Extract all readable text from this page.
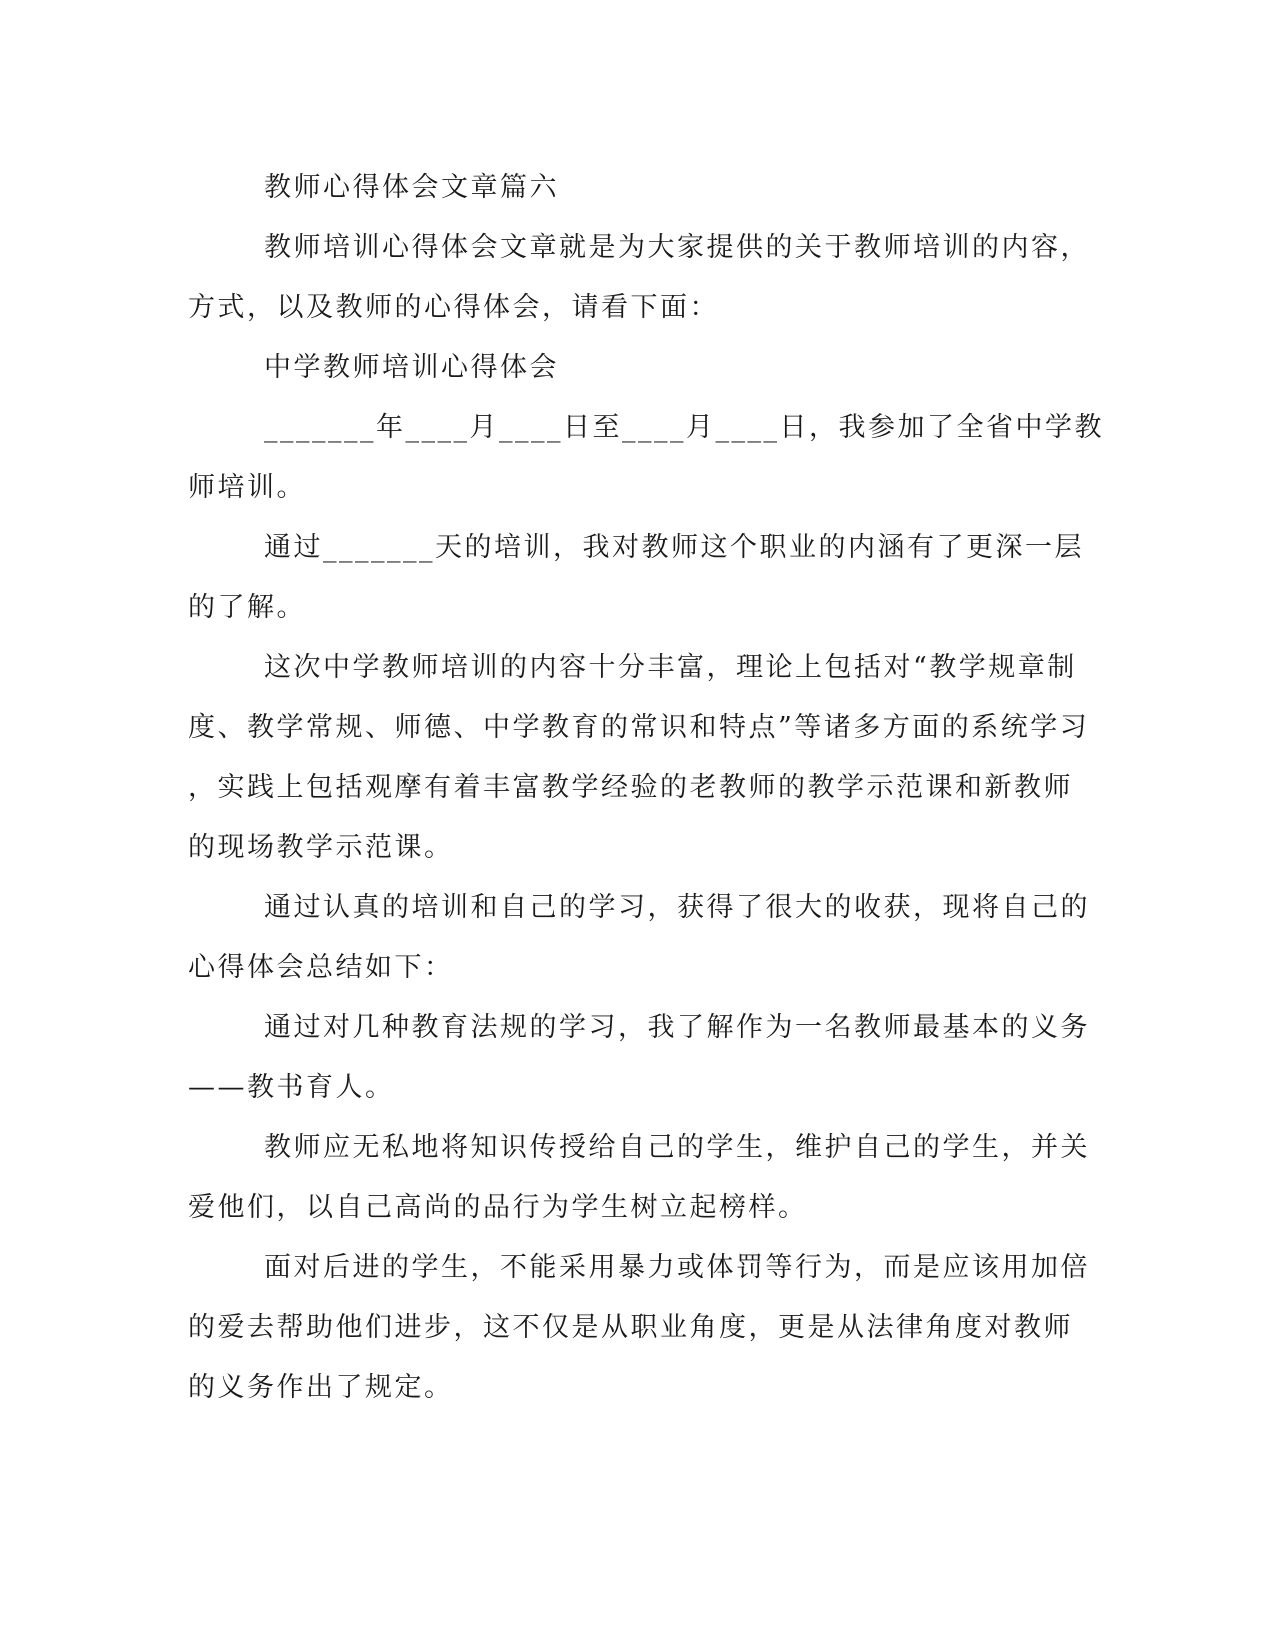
教师心得体会文章篇六

教师培训心得体会文章就是为大家提供的关于教师培训的内容，
方式，以及教师的心得体会，请看下面：

中学教师培训心得体会

_______年____月____日至____月____日，我参加了全省中学教
师培训。

通过_______天的培训，我对教师这个职业的内涵有了更深一层
的了解。

这次中学教师培训的内容十分丰富，理论上包括对“教学规章制
度、教学常规、师德、中学教育的常识和特点”等诸多方面的系统学习
，实践上包括观摩有着丰富教学经验的老教师的教学示范课和新教师
的现场教学示范课。

通过认真的培训和自己的学习，获得了很大的收获，现将自己的
心得体会总结如下：

通过对几种教育法规的学习，我了解作为一名教师最基本的义务
——教书育人。

教师应无私地将知识传授给自己的学生，维护自己的学生，并关
爱他们，以自己高尚的品行为学生树立起榜样。

面对后进的学生，不能采用暴力或体罚等行为，而是应该用加倍
的爱去帮助他们进步，这不仅是从职业角度，更是从法律角度对教师
的义务作出了规定。
